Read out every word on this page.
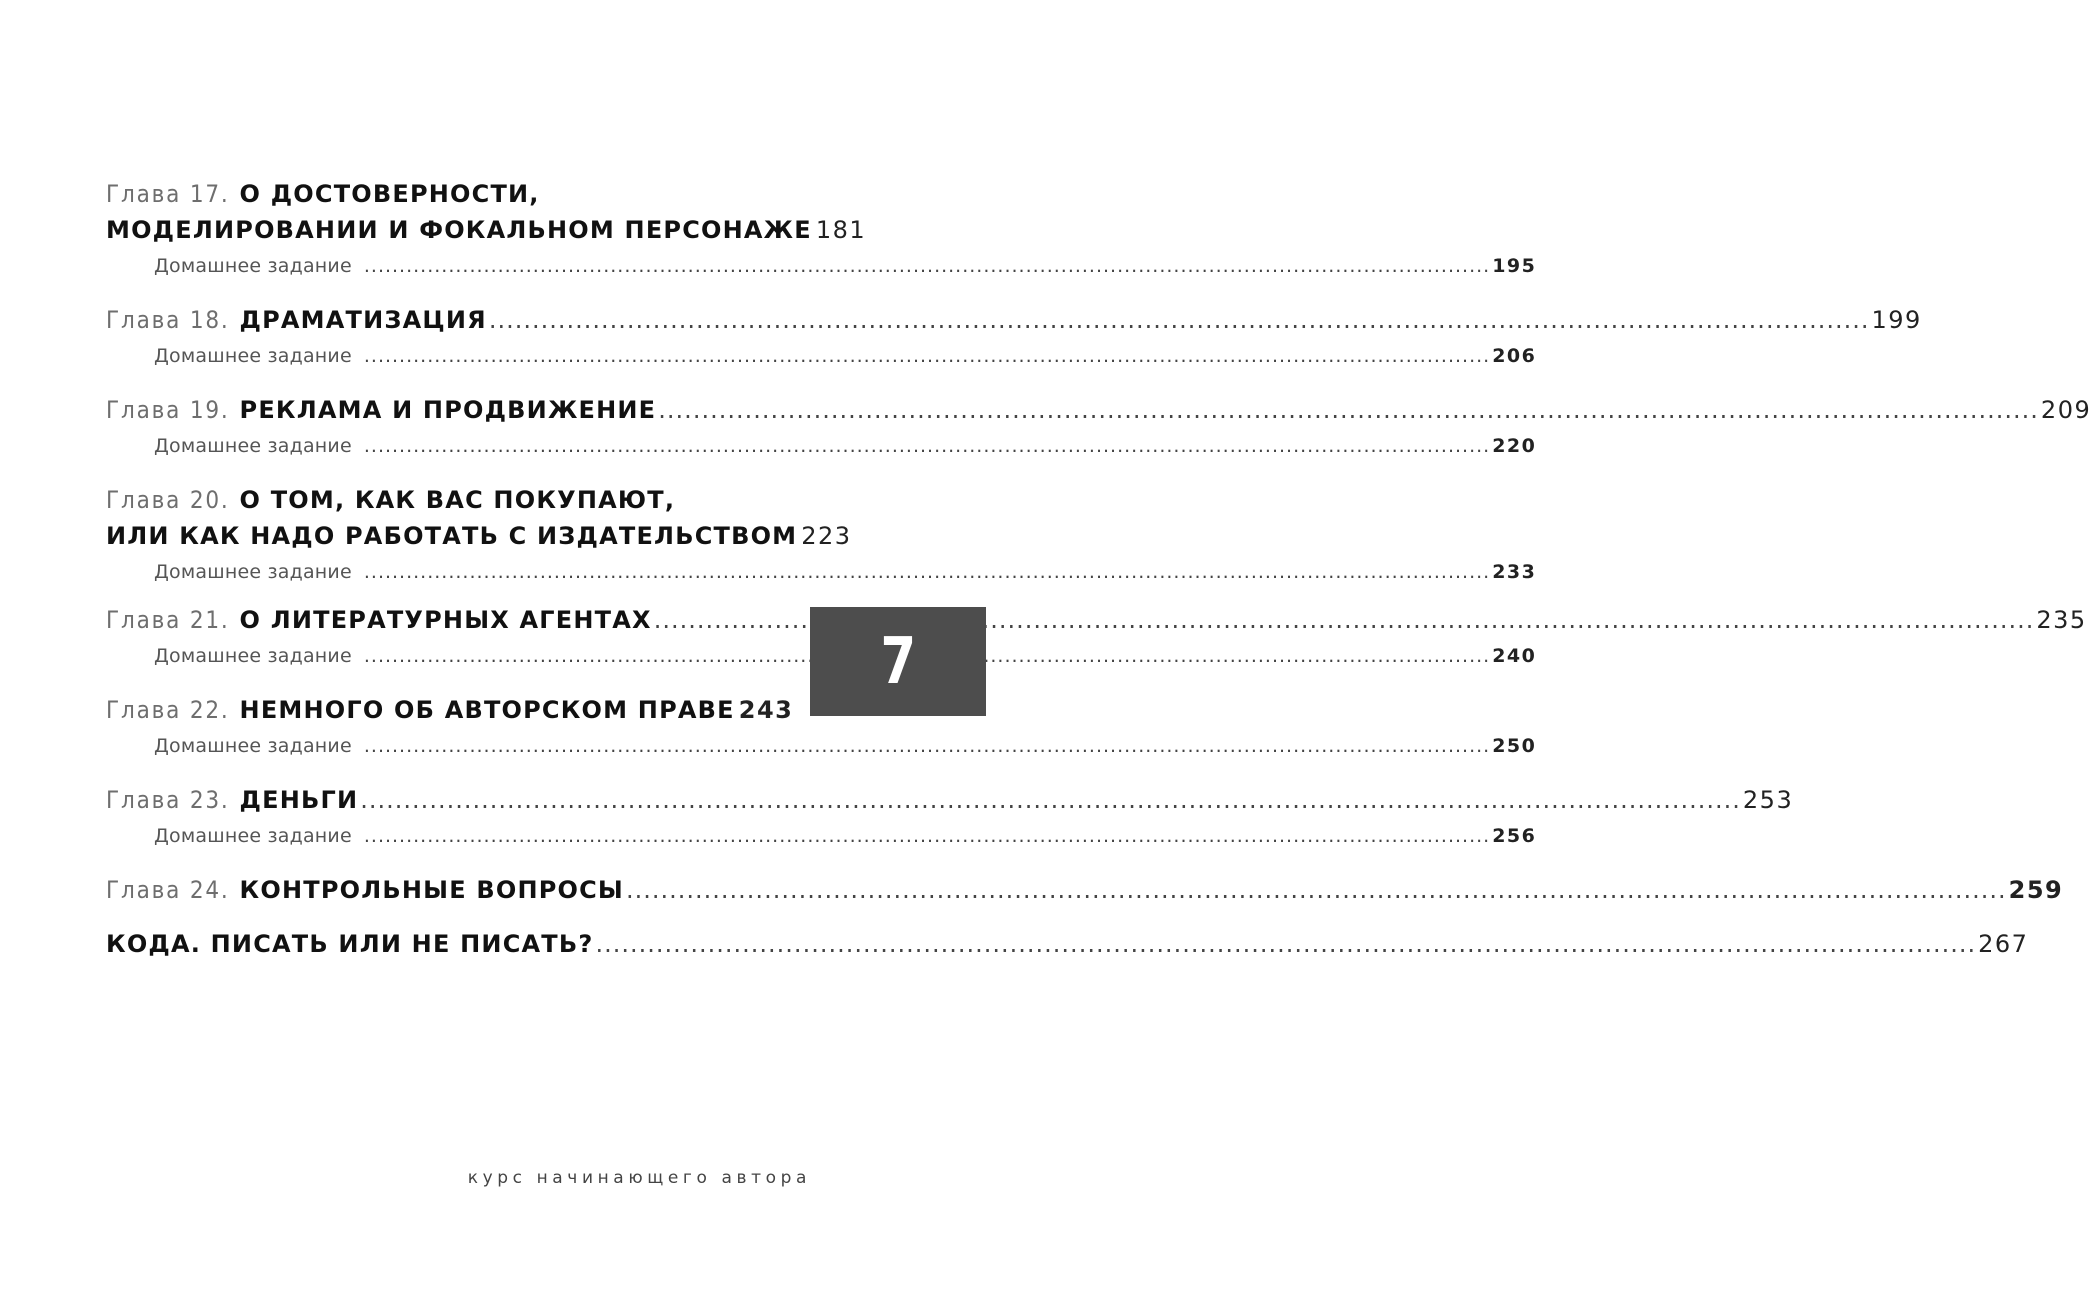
Глава 17. О ДОСТОВЕРНОСТИ,
МОДЕЛИРОВАНИИ И ФОКАЛЬНОМ ПЕРСОНАЖЕ 181
Домашнее задание .....	195
Глава 18. ДРАМАТИЗАЦИЯ .....	199
Домашнее задание .....	206
Глава 19. РЕКЛАМА И ПРОДВИЖЕНИЕ .....	209
Домашнее задание .....	220
Глава 20. О ТОМ, КАК ВАС ПОКУПАЮТ,
ИЛИ КАК НАДО РАБОТАТЬ С ИЗДАТЕЛЬСТВОМ 223
Домашнее задание .....	233
Глава 21. О ЛИТЕРАТУРНЫХ АГЕНТАХ .....	235
Домашнее задание .....	240
Глава 22. НЕМНОГО ОБ АВТОРСКОМ ПРАВЕ 243
Домашнее задание .....	250
Глава 23. ДЕНЬГИ .....	253
Домашнее задание .....	256
Глава 24. КОНТРОЛЬНЫЕ ВОПРОСЫ .....	259
КОДА. ПИСАТЬ ИЛИ НЕ ПИСАТЬ? .....	267
7
курс начинающего автора
